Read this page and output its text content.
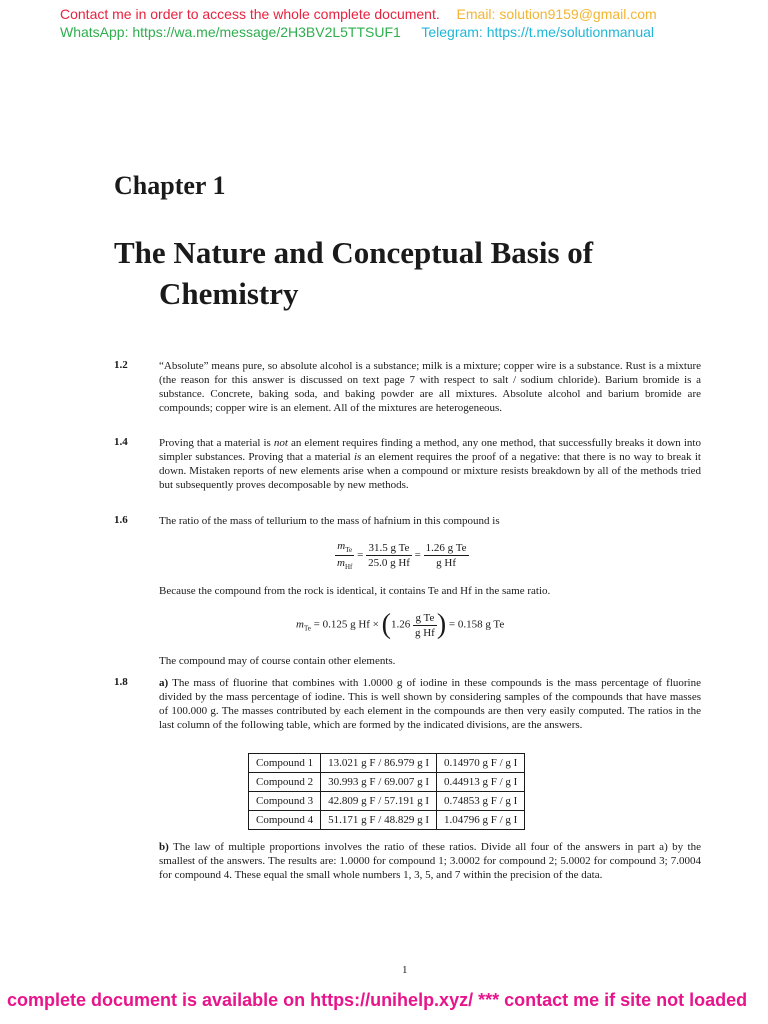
Contact me in order to access the whole complete document. Email: solution9159@gmail.com
WhatsApp: https://wa.me/message/2H3BV2L5TTSUF1 Telegram: https://t.me/solutionmanual
Chapter 1
The Nature and Conceptual Basis of
Chemistry
1.2	“Absolute” means pure, so absolute alcohol is a substance; milk is a mixture; copper wire is a substance. Rust is a mixture (the reason for this answer is discussed on text page 7 with respect to salt / sodium chloride). Barium bromide is a substance. Concrete, baking soda, and baking powder are all mixtures. Absolute alcohol and barium bromide are compounds; copper wire is an element. All of the mixtures are heterogeneous.
1.4	Proving that a material is not an element requires finding a method, any one method, that successfully breaks it down into simpler substances. Proving that a material is an element requires the proof of a negative: that there is no way to break it down. Mistaken reports of new elements arise when a compound or mixture resists breakdown by all of the methods tried but subsequently proves decomposable by new methods.
1.6	The ratio of the mass of tellurium to the mass of hafnium in this compound is
$\frac{m_{Te}}{m_{Hf}} = \frac{\text{31.5 g Te}}{\text{25.0 g Hf}} = \frac{\text{1.26 g Te}}{\text{g Hf}}$
Because the compound from the rock is identical, it contains Te and Hf in the same ratio.
$m_{Te} = 0.125$ g $Hf \times (1.26 \frac{\text{g Te}}{\text{g Hf}}$ ) = 0.158 g Te
The compound may of course contain other elements.
1.8	a) The mass of fluorine that combines with 1.0000 g of iodine in these compounds is the mass percentage of fluorine divided by the mass percentage of iodine. This is well shown by considering samples of the compounds that have masses of 100.000 g. The masses contributed by each element in the compounds are then very easily computed. The ratios in the last column of the following table, which are formed by the indicated divisions, are the answers.
Compound 1	13.021 g F / 86.979 g I	0.14970 g F / g I
Compound 2	30.993 g F / 69.007 g I	0.44913 g F / g I
Compound 3	42.809 g F / 57.191 g I	0.74853 g F / g I
Compound 4	51.171 g F / 48.829 g I	1.04796 g F / g I
b) The law of multiple proportions involves the ratio of these ratios. Divide all four of the answers in part a) by the smallest of the answers. The results are: 1.0000 for compound 1; 3.0002 for compound 2; 5.0002 for compound 3; 7.0004 for compound 4. These equal the small whole numbers 1, 3, 5, and 7 within the precision of the data.
1
complete document is available on https://unihelp.xyz/ *** contact me if site not loaded
